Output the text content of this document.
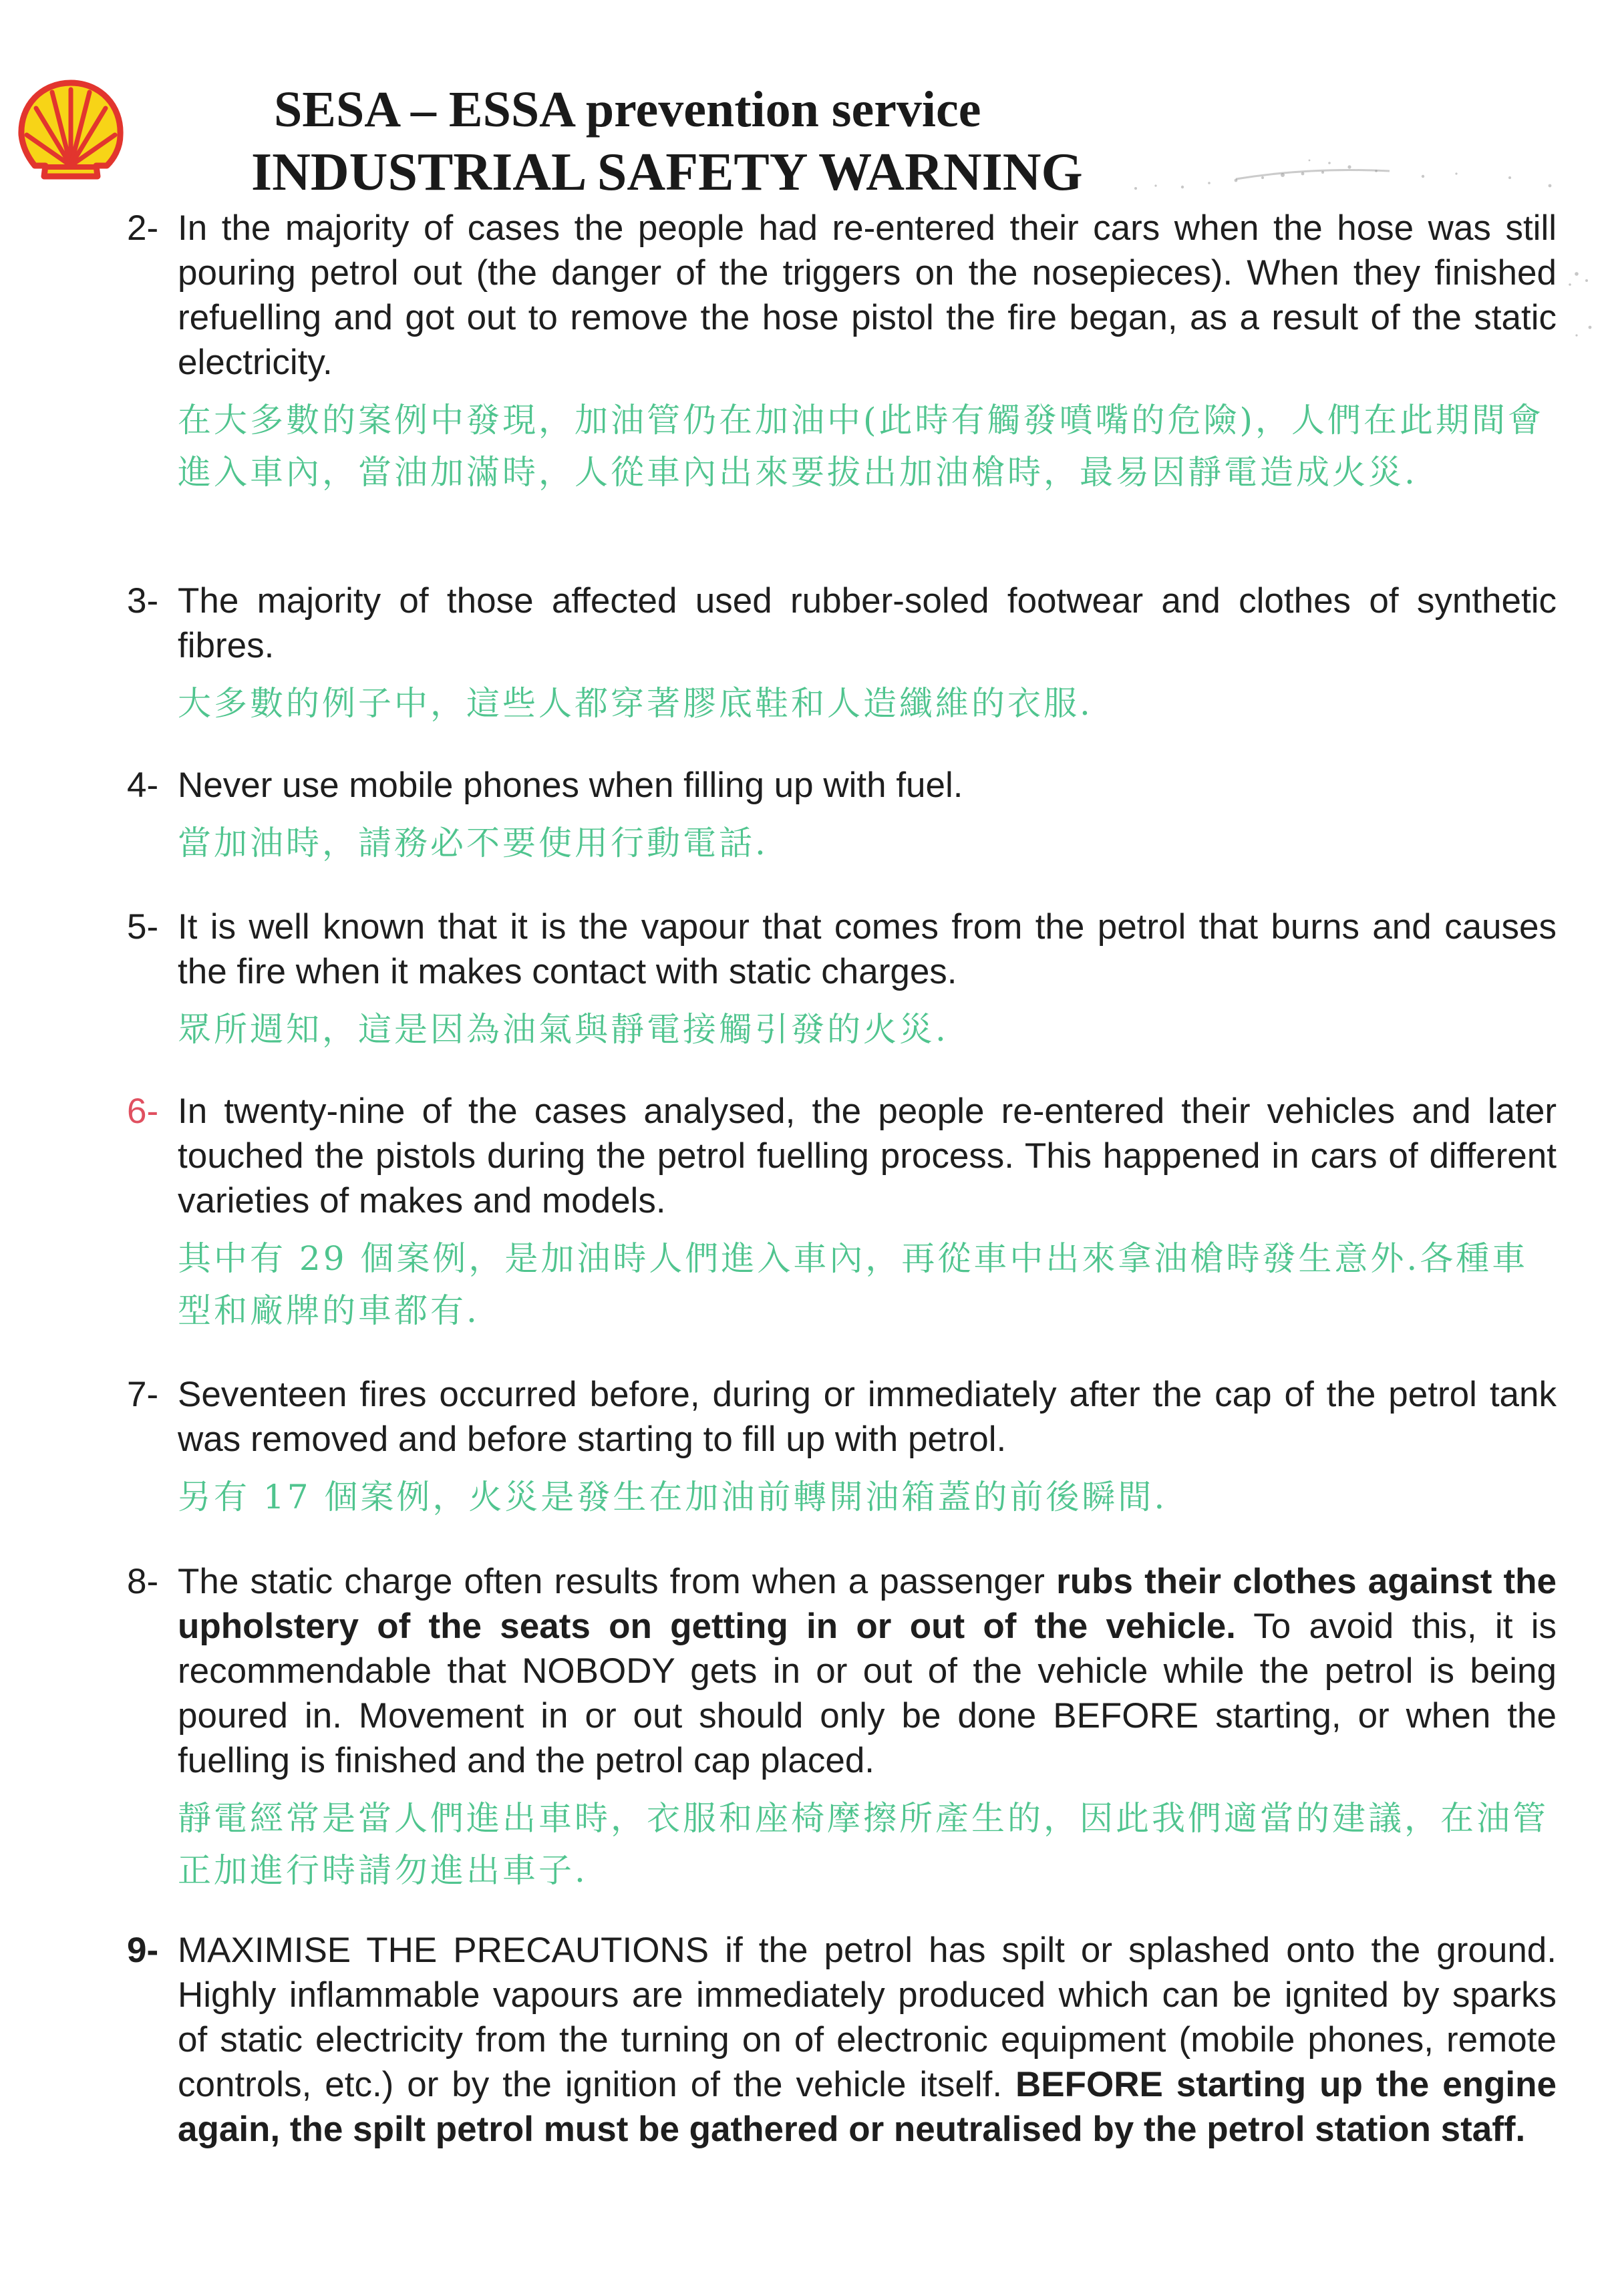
SESA – ESSA prevention service
INDUSTRIAL SAFETY WARNING
2- In the majority of cases the people had re-entered their cars when the hose was still pouring petrol out (the danger of the triggers on the nosepieces). When they finished refuelling and got out to remove the hose pistol the fire began, as a result of the static electricity.

在大多數的案例中發現，加油管仍在加油中(此時有觸發噴嘴的危險)，人們在此期間會進入車內，當油加滿時，人從車內出來要拔出加油槍時，最易因靜電造成火災.

3- The majority of those affected used rubber-soled footwear and clothes of synthetic fibres.

大多數的例子中，這些人都穿著膠底鞋和人造纖維的衣服.

4- Never use mobile phones when filling up with fuel.

當加油時，請務必不要使用行動電話.

5- It is well known that it is the vapour that comes from the petrol that burns and causes the fire when it makes contact with static charges.

眾所週知，這是因為油氣與靜電接觸引發的火災.

6- In twenty-nine of the cases analysed, the people re-entered their vehicles and later touched the pistols during the petrol fuelling process. This happened in cars of different varieties of makes and models.

其中有 29 個案例，是加油時人們進入車內，再從車中出來拿油槍時發生意外.各種車型和廠牌的車都有.

7- Seventeen fires occurred before, during or immediately after the cap of the petrol tank was removed and before starting to fill up with petrol.

另有 17 個案例，火災是發生在加油前轉開油箱蓋的前後瞬間.

8- The static charge often results from when a passenger rubs their clothes against the upholstery of the seats on getting in or out of the vehicle. To avoid this, it is recommendable that NOBODY gets in or out of the vehicle while the petrol is being poured in. Movement in or out should only be done BEFORE starting, or when the fuelling is finished and the petrol cap placed.

靜電經常是當人們進出車時，衣服和座椅摩擦所產生的，因此我們適當的建議，在油管正加進行時請勿進出車子.

9- MAXIMISE THE PRECAUTIONS if the petrol has spilt or splashed onto the ground. Highly inflammable vapours are immediately produced which can be ignited by sparks of static electricity from the turning on of electronic equipment (mobile phones, remote controls, etc.) or by the ignition of the vehicle itself. BEFORE starting up the engine again, the spilt petrol must be gathered or neutralised by the petrol station staff.
